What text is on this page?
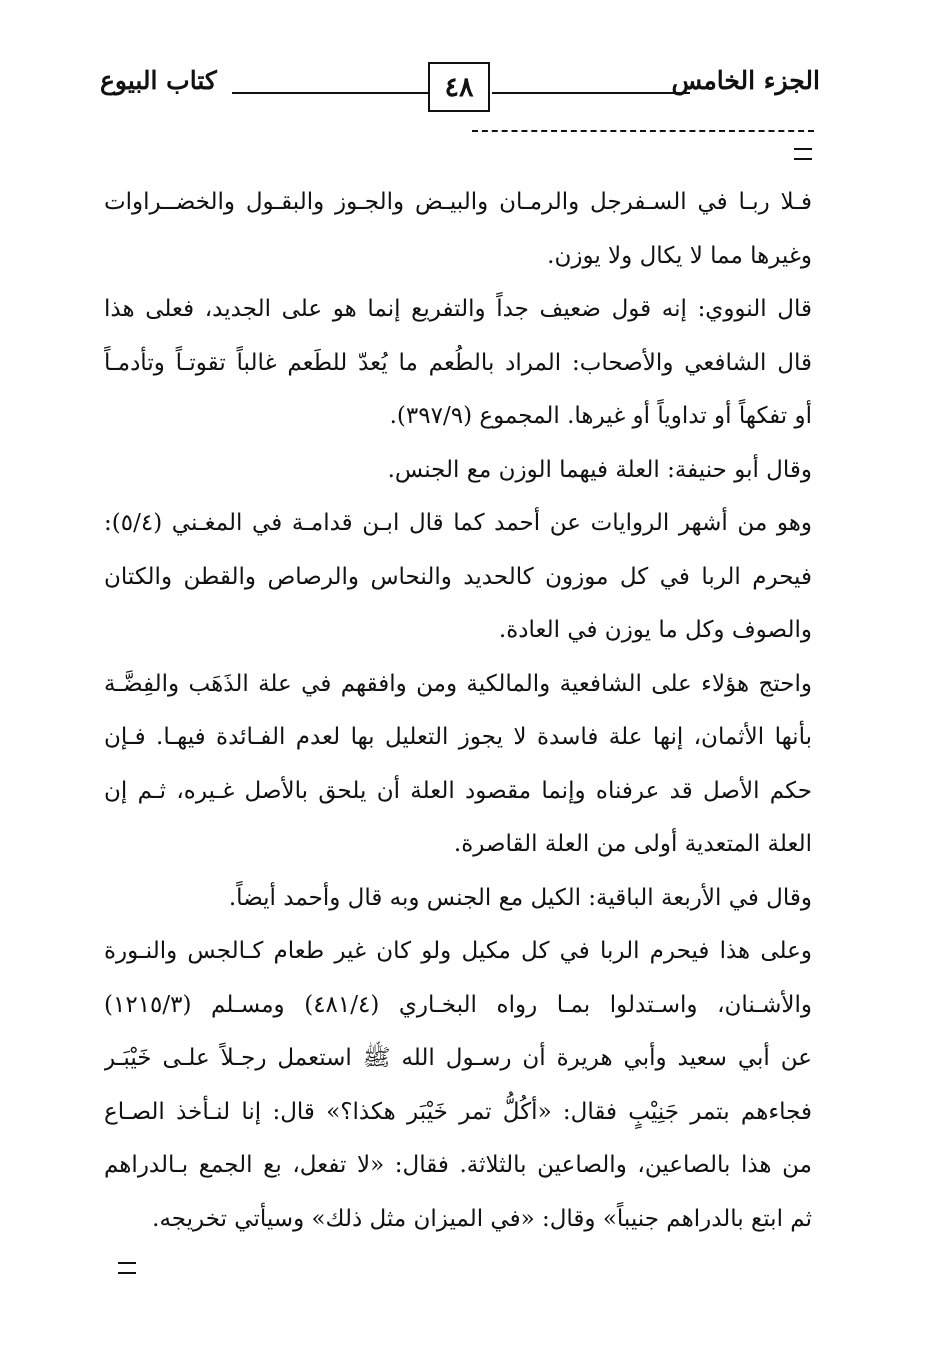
الجزء الخامس
٤٨
كتاب البيوع
فـلا ربـا في السـفرجل والرمـان والبيـض والجـوز والبقـول والخضــراوات
وغيرها مما لا يكال ولا يوزن.
قال النووي: إنه قول ضعيف جداً والتفريع إنما هو على الجديد، فعلى هذا
قال الشافعي والأصحاب: المراد بالطُعم ما يُعدّ للطَعم غالباً تقوتـاً وتأدمـاً
أو تفكهاً أو تداوياً أو غيرها. المجموع (٣٩٧/٩).
وقال أبو حنيفة: العلة فيهما الوزن مع الجنس.
وهو من أشهر الروايات عن أحمد كما قال ابـن قدامـة في المغـني (٥/٤):
فيحرم الربا في كل موزون كالحديد والنحاس والرصاص والقطن والكتان
والصوف وكل ما يوزن في العادة.
واحتج هؤلاء على الشافعية والمالكية ومن وافقهم في علة الذَهَب والفِضَّـة
بأنها الأثمان، إنها علة فاسدة لا يجوز التعليل بها لعدم الفـائدة فيهـا. فـإن
حكم الأصل قد عرفناه وإنما مقصود العلة أن يلحق بالأصل غـيره، ثـم إن
العلة المتعدية أولى من العلة القاصرة.
وقال في الأربعة الباقية: الكيل مع الجنس وبه قال وأحمد أيضاً.
وعلى هذا فيحرم الربا في كل مكيل ولو كان غير طعام كـالجس والنـورة
والأشـنان، واسـتدلوا بمـا رواه البخـاري (٤٨١/٤) ومسـلم (١٢١٥/٣)
عن أبي سعيد وأبي هريرة أن رسـول الله ﷺ استعمل رجـلاً علـى خَيْبَـر
فجاءهم بتمر جَنِيْبٍ فقال: «أكُلُّ تمر خَيْبَر هكذا؟» قال: إنا لنـأخذ الصـاع
من هذا بالصاعين، والصاعين بالثلاثة. فقال: «لا تفعل، بع الجمع بـالدراهم
ثم ابتع بالدراهم جنيباً» وقال: «في الميزان مثل ذلك» وسيأتي تخريجه.
